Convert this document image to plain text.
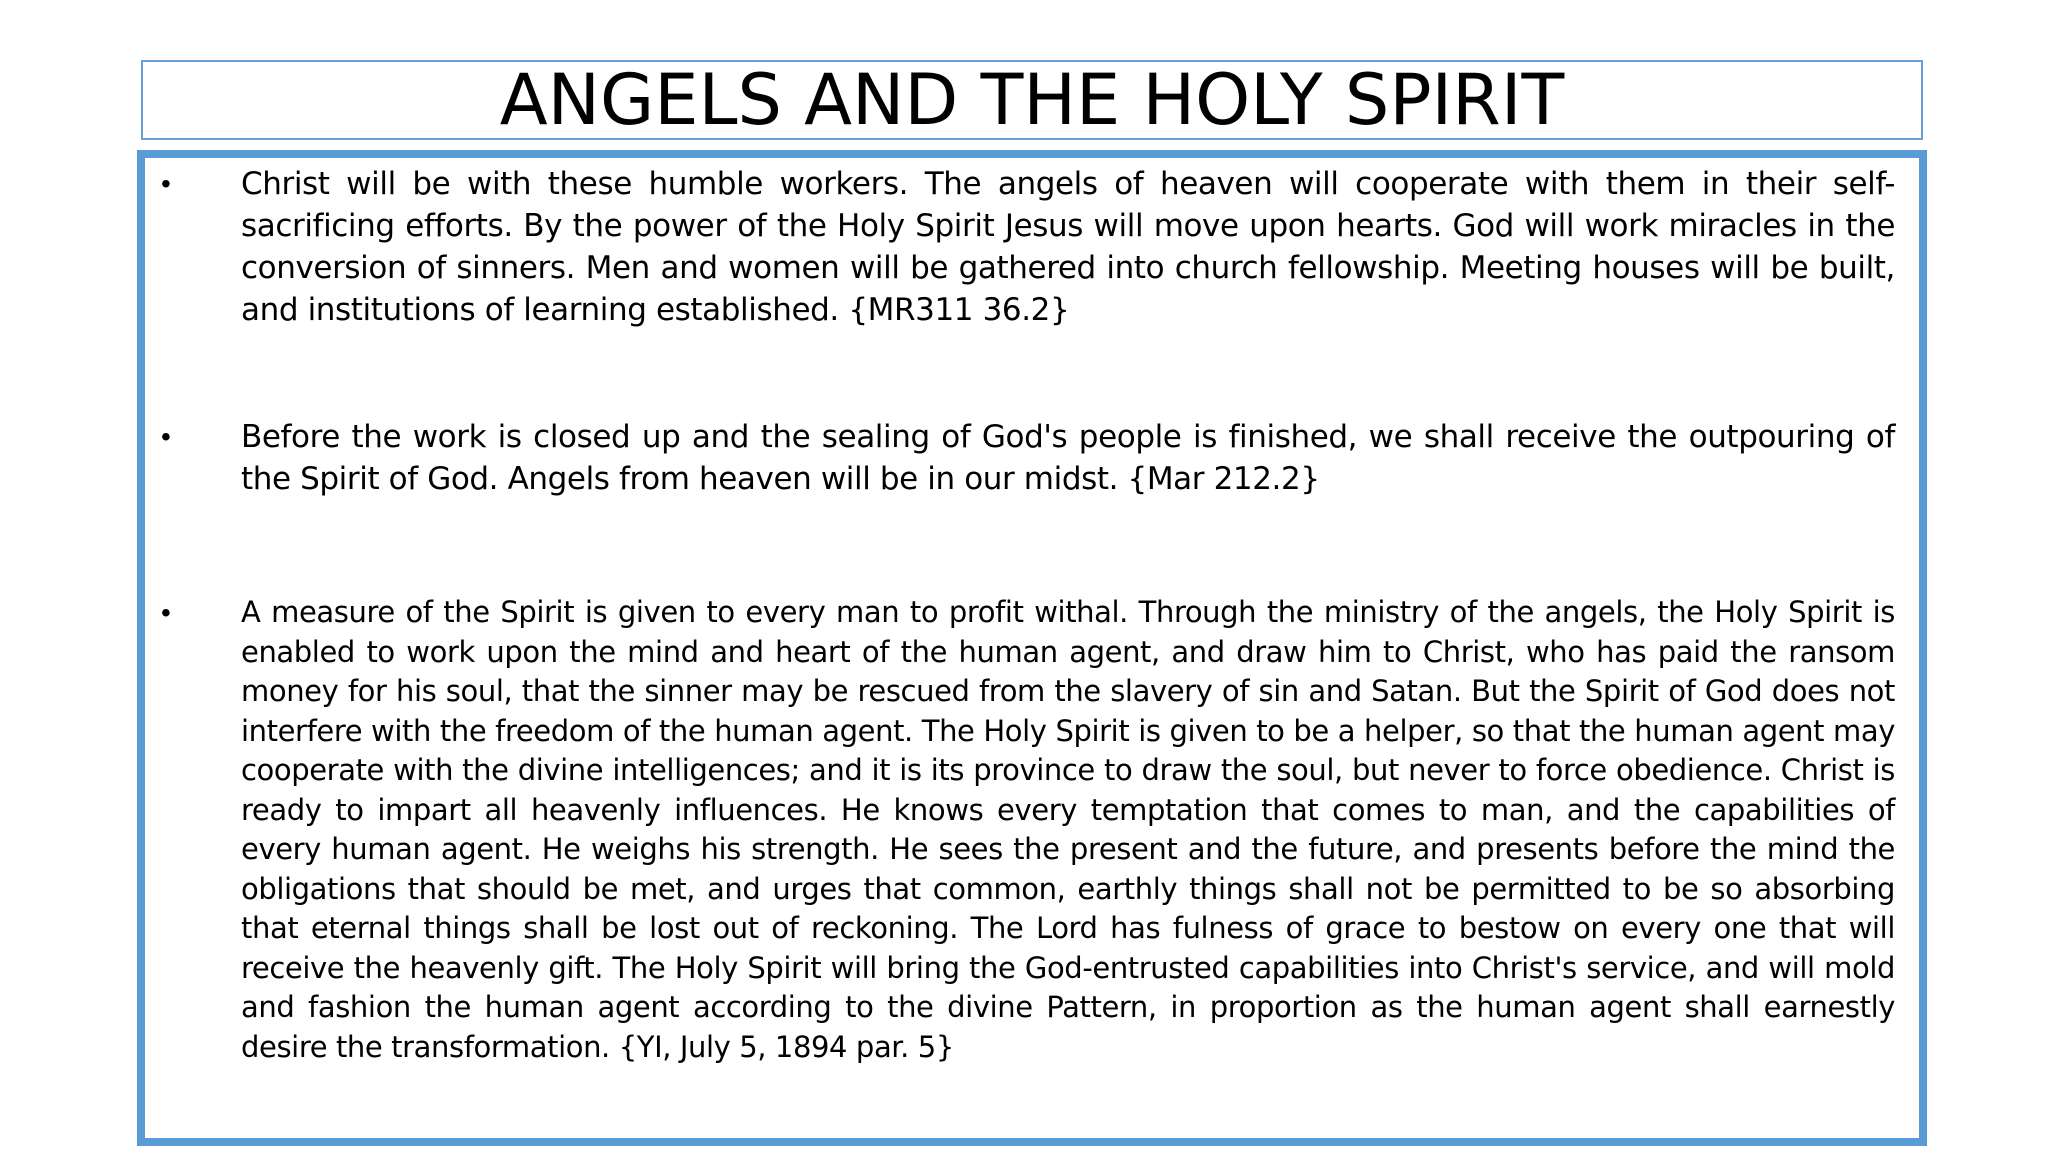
ANGELS AND THE HOLY SPIRIT
• Christ will be with these humble workers. The angels of heaven will cooperate with them in their self-sacrificing efforts. By the power of the Holy Spirit Jesus will move upon hearts. God will work miracles in the conversion of sinners. Men and women will be gathered into church fellowship. Meeting houses will be built, and institutions of learning established. {MR311 36.2}
• Before the work is closed up and the sealing of God's people is finished, we shall receive the outpouring of the Spirit of God. Angels from heaven will be in our midst. {Mar 212.2}
• A measure of the Spirit is given to every man to profit withal. Through the ministry of the angels, the Holy Spirit is enabled to work upon the mind and heart of the human agent, and draw him to Christ, who has paid the ransom money for his soul, that the sinner may be rescued from the slavery of sin and Satan. But the Spirit of God does not interfere with the freedom of the human agent. The Holy Spirit is given to be a helper, so that the human agent may cooperate with the divine intelligences; and it is its province to draw the soul, but never to force obedience. Christ is ready to impart all heavenly influences. He knows every temptation that comes to man, and the capabilities of every human agent. He weighs his strength. He sees the present and the future, and presents before the mind the obligations that should be met, and urges that common, earthly things shall not be permitted to be so absorbing that eternal things shall be lost out of reckoning. The Lord has fulness of grace to bestow on every one that will receive the heavenly gift. The Holy Spirit will bring the God-entrusted capabilities into Christ's service, and will mold and fashion the human agent according to the divine Pattern, in proportion as the human agent shall earnestly desire the transformation. {YI, July 5, 1894 par. 5}
